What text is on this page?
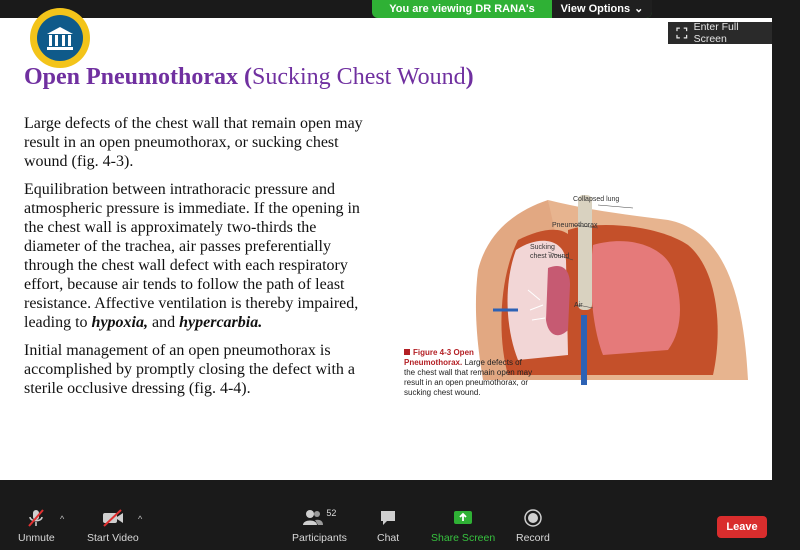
You are viewing DR RANA's	View Options ⌄
Enter Full Screen
Open Pneumothorax (Sucking Chest Wound)

Large defects of the chest wall that remain open may result in an open pneumothorax, or sucking chest wound (fig. 4-3).

Equilibration between intrathoracic pressure and atmospheric pressure is immediate. If the opening in the chest wall is approximately two-thirds the diameter of the trachea, air passes preferentially through the chest wall defect with each respiratory effort, because air tends to follow the path of least resistance. Affective ventilation is thereby impaired, leading to hypoxia, and hypercarbia.

Initial management of an open pneumothorax is accomplished by promptly closing the defect with a sterile occlusive dressing (fig. 4-4).

Collapsed lung
Pneumothorax
Sucking
chest wound
Air
Figure 4-3 Open Pneumothorax. Large defects of the chest wall that remain open may result in an open pneumothorax, or sucking chest wound.
Unmute
^
Start Video
^
52
Participants	Chat	Share Screen Record
Leave
